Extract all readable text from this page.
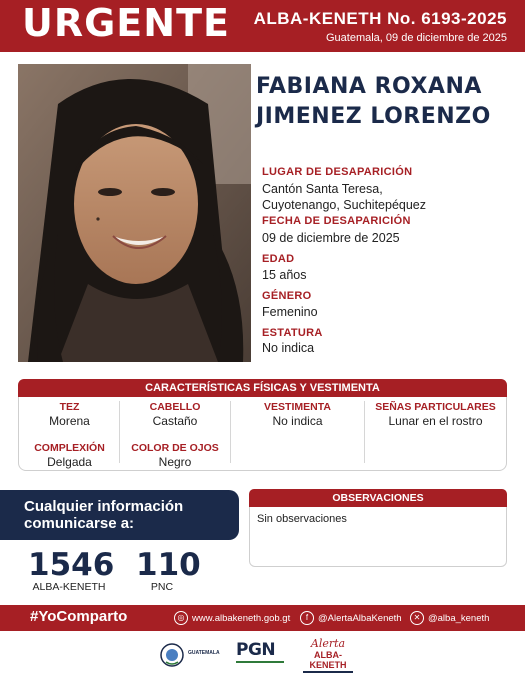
URGENTE ALBA-KENETH No. 6193-2025
Guatemala, 09 de diciembre de 2025
FABIANA ROXANA
JIMENEZ LORENZO
LUGAR DE DESAPARICIÓN
Cantón Santa Teresa, Cuyotenango, Suchitepéquez
FECHA DE DESAPARICIÓN
09 de diciembre de 2025
EDAD
15 años
GÉNERO
Femenino
ESTATURA
No indica
CARACTERÍSTICAS FÍSICAS Y VESTIMENTA
TEZ
Morena
CABELLO
Castaño
VESTIMENTA
No indica
SEÑAS PARTICULARES
Lunar en el rostro
COMPLEXIÓN
Delgada
COLOR DE OJOS
Negro
Cualquier información
comunicarse a:
1546
ALBA-KENETH
110
PNC
OBSERVACIONES
Sin observaciones
#YoComparto	◎ www.albakeneth.gob.gt	f	@AlertaAlbaKeneth	✕ @alba_keneth
GUATEMALA PGN	Alerta
ALBA-KENETH
